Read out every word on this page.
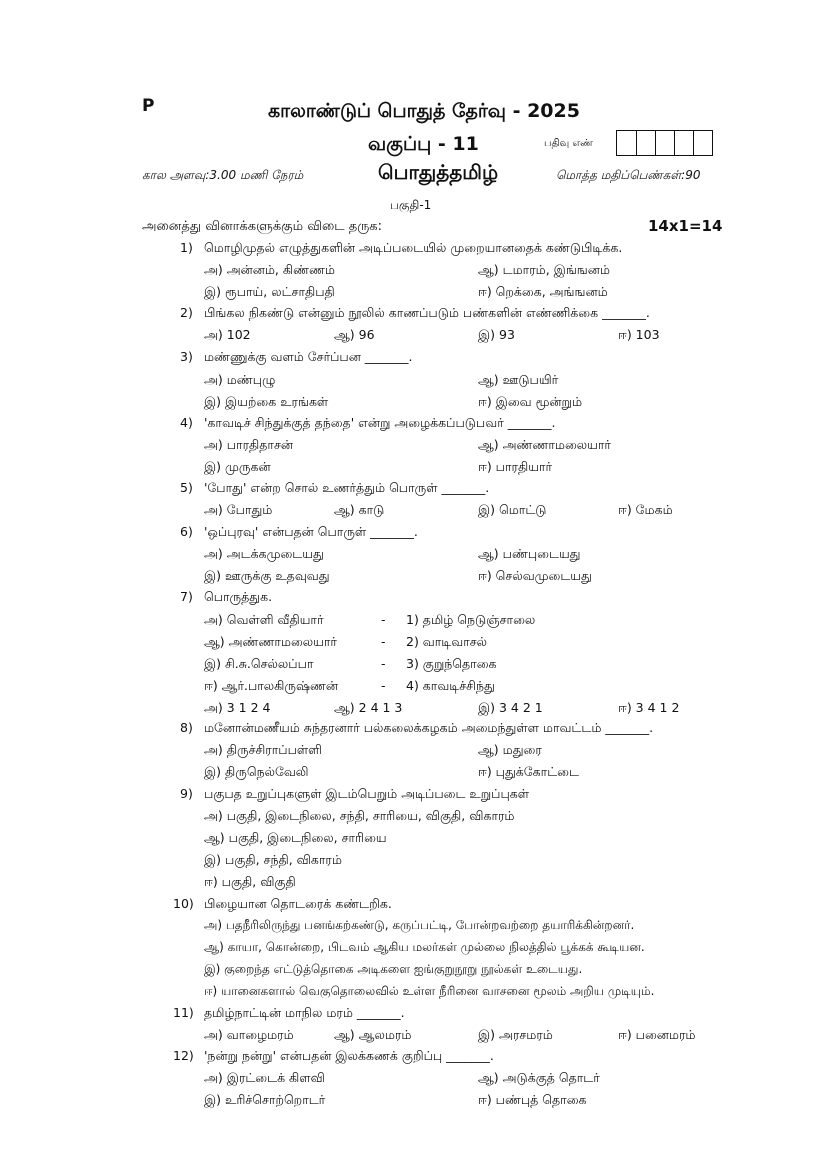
P	காலாண்டுப் பொதுத் தேர்வு - 2025
வகுப்பு - 11	பதிவு எண்
கால அளவு:3.00 மணி நேரம்	பொதுத்தமிழ்	மொத்த மதிப்பெண்கள்:90
பகுதி-1
அனைத்து வினாக்களுக்கும் விடை தருக:	14x1=14
1) மொழிமுதல் எழுத்துகளின் அடிப்படையில் முறையானதைக் கண்டுபிடிக்க.
அ) அன்னம், கிண்ணம்	ஆ) டமாரம், இங்ஙனம்
இ) ரூபாய், லட்சாதிபதி	ஈ) றெக்கை, அங்ஙனம்
2) பிங்கல நிகண்டு என்னும் நூலில் காணப்படும் பண்களின் எண்ணிக்கை _______.
அ) 102	ஆ) 96	இ) 93	ஈ) 103
3) மண்ணுக்கு வளம் சேர்ப்பன _______.
அ) மண்புழு	ஆ) ஊடுபயிர்
இ) இயற்கை உரங்கள்	ஈ) இவை மூன்றும்
4) 'காவடிச் சிந்துக்குத் தந்தை' என்று அழைக்கப்படுபவர் _______.
அ) பாரதிதாசன்	ஆ) அண்ணாமலையார்
இ) முருகன்	ஈ) பாரதியார்
5) 'போது' என்ற சொல் உணர்த்தும் பொருள் _______.
அ) போதும்	ஆ) காடு	இ) மொட்டு	ஈ) மேகம்
6) 'ஒப்புரவு' என்பதன் பொருள் _______.
அ) அடக்கமுடையது	ஆ) பண்புடையது
இ) ஊருக்கு உதவுவது	ஈ) செல்வமுடையது
7) பொருத்துக.
அ) வெள்ளி வீதியார்	- 1) தமிழ் நெடுஞ்சாலை
ஆ) அண்ணாமலையார்	- 2) வாடிவாசல்
இ) சி.சு.செல்லப்பா	- 3) குறுந்தொகை
ஈ) ஆர்.பாலகிருஷ்ணன்	- 4) காவடிச்சிந்து
அ) 3 1 2 4	ஆ) 2 4 1 3	இ) 3 4 2 1	ஈ) 3 4 1 2
8) மனோன்மணீயம் சுந்தரனார் பல்கலைக்கழகம் அமைந்துள்ள மாவட்டம் _______.
அ) திருச்சிராப்பள்ளி	ஆ) மதுரை
இ) திருநெல்வேலி	ஈ) புதுக்கோட்டை
9) பகுபத உறுப்புகளுள் இடம்பெறும் அடிப்படை உறுப்புகள்
அ) பகுதி, இடைநிலை, சந்தி, சாரியை, விகுதி, விகாரம்
ஆ) பகுதி, இடைநிலை, சாரியை
இ) பகுதி, சந்தி, விகாரம்
ஈ) பகுதி, விகுதி
10) பிழையான தொடரைக் கண்டறிக.
அ) பதநீரிலிருந்து பனங்கற்கண்டு, கருப்பட்டி, போன்றவற்றை தயாரிக்கின்றனர்.
ஆ) காயா, கொன்றை, பிடவம் ஆகிய மலர்கள் முல்லை நிலத்தில் பூக்கக் கூடியன.
இ) குறைந்த எட்டுத்தொகை அடிகளை ஐங்குறுநூறு நூல்கள் உடையது.
ஈ) யானைகளால் வெகுதொலைவில் உள்ள நீரினை வாசனை மூலம் அறிய முடியும்.
11) தமிழ்நாட்டின் மாநில மரம் _______.
அ) வாழைமரம்	ஆ) ஆலமரம்	இ) அரசமரம்	ஈ) பனைமரம்
12) 'நன்று நன்று' என்பதன் இலக்கணக் குறிப்பு _______.
அ) இரட்டைக் கிளவி	ஆ) அடுக்குத் தொடர்
இ) உரிச்சொற்றொடர்	ஈ) பண்புத் தொகை
